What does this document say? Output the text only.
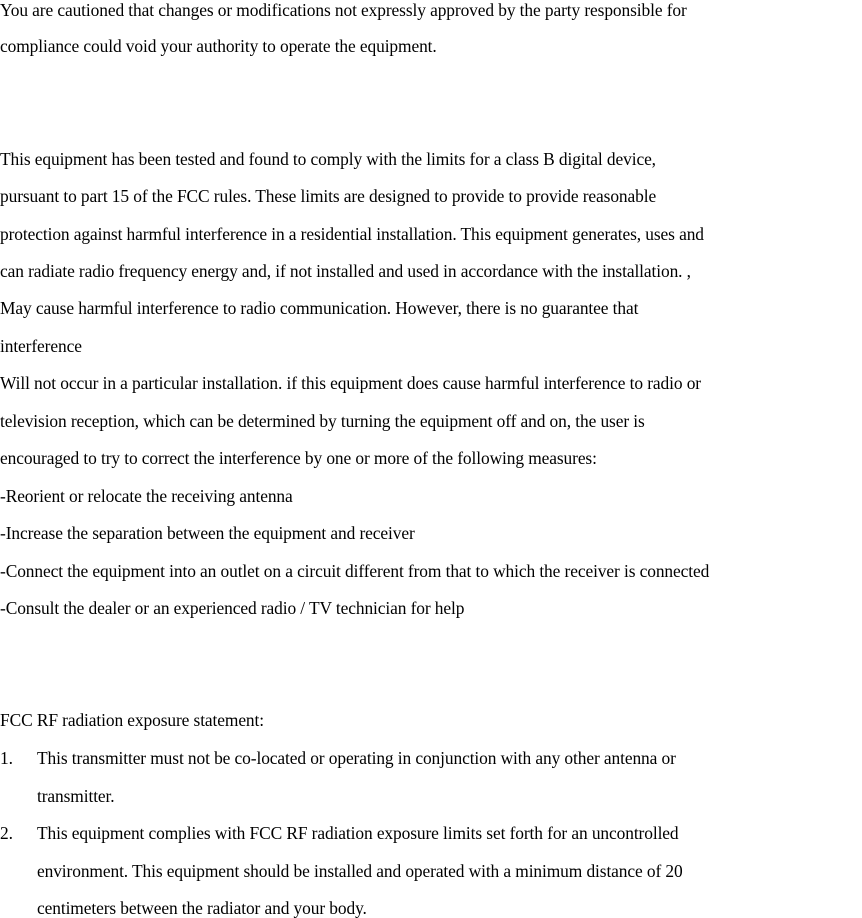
You are cautioned that changes or modifications not expressly approved by the party responsible for
compliance could void your authority to operate the equipment.
This equipment has been tested and found to comply with the limits for a class B digital device,
pursuant to part 15 of the FCC rules. These limits are designed to provide to provide reasonable
protection against harmful interference in a residential installation. This equipment generates, uses and
can radiate radio frequency energy and, if not installed and used in accordance with the installation. ,
May cause harmful interference to radio communication. However, there is no guarantee that
interference
Will not occur in a particular installation. if this equipment does cause harmful interference to radio or
television reception, which can be determined by turning the equipment off and on, the user is
encouraged to try to correct the interference by one or more of the following measures:
-Reorient or relocate the receiving antenna
-Increase the separation between the equipment and receiver
-Connect the equipment into an outlet on a circuit different from that to which the receiver is connected
-Consult the dealer or an experienced radio / TV technician for help
FCC RF radiation exposure statement:
1. This transmitter must not be co-located or operating in conjunction with any other antenna or
transmitter.
2. This equipment complies with FCC RF radiation exposure limits set forth for an uncontrolled
environment. This equipment should be installed and operated with a minimum distance of 20
centimeters between the radiator and your body.
